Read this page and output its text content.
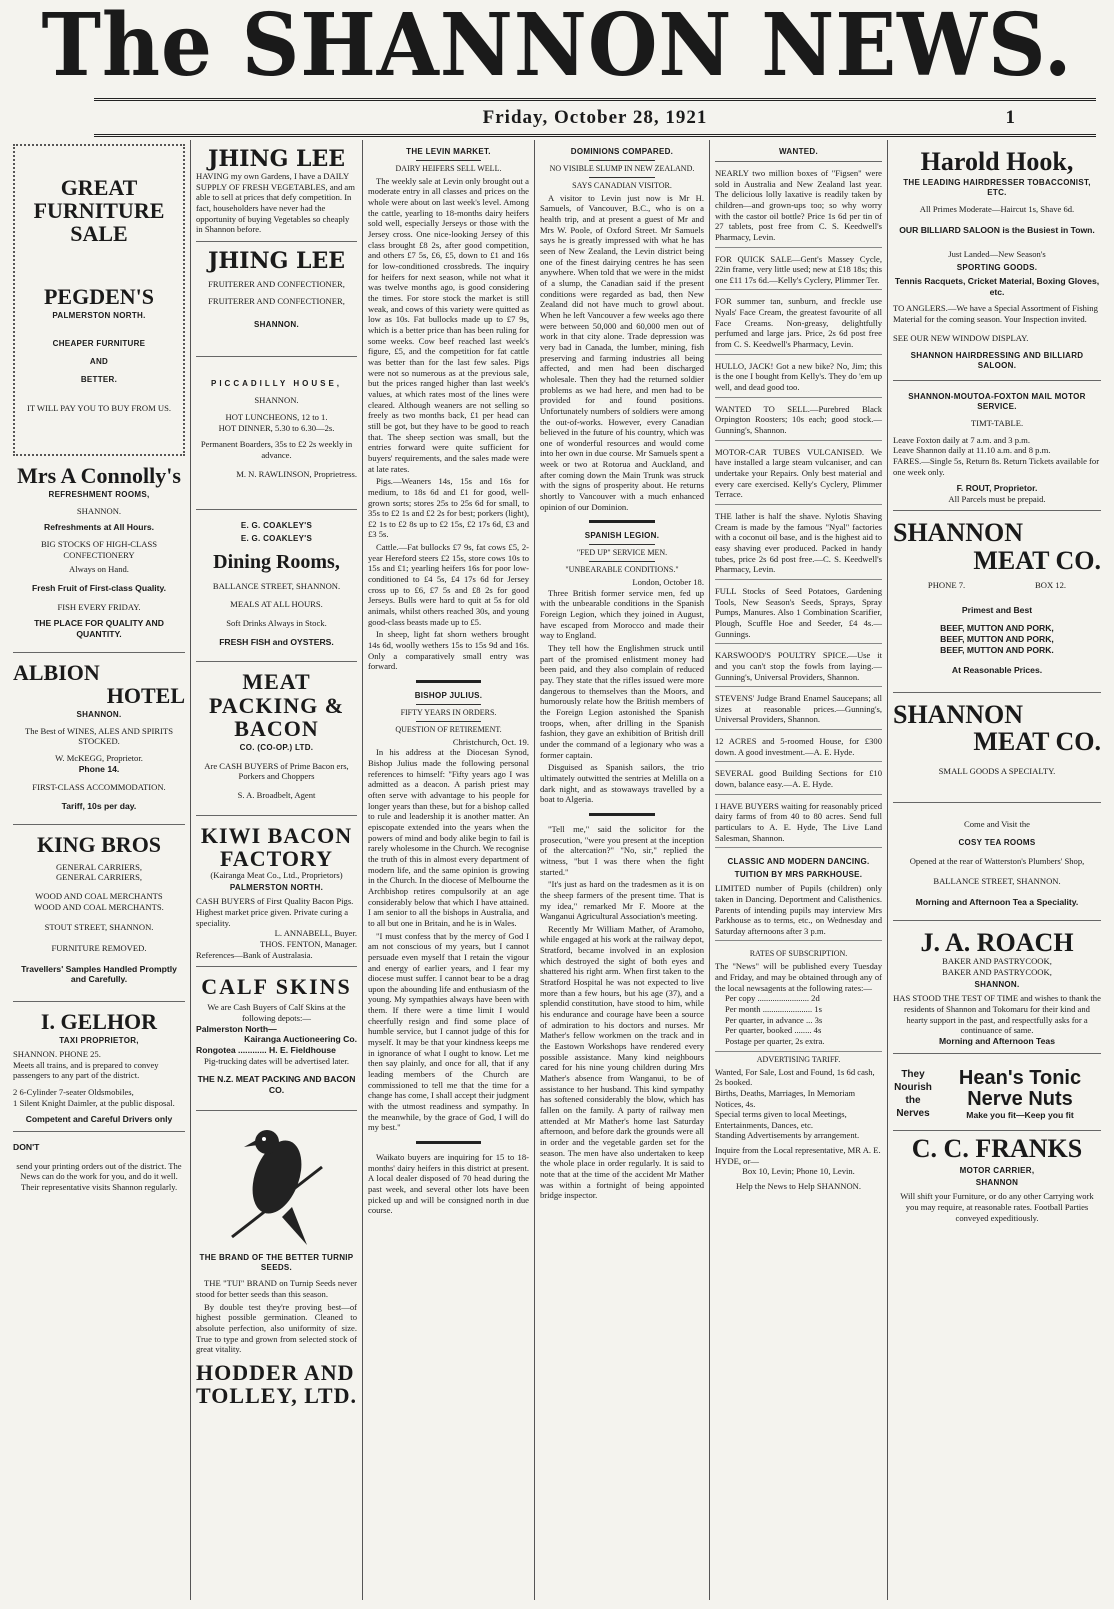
The SHANNON NEWS.
Friday, October 28, 1921	1
GREAT
FURNITURE
SALE
PEGDEN'S
PALMERSTON NORTH.
CHEAPER FURNITURE
AND
BETTER.
IT WILL PAY YOU TO BUY FROM US.
Mrs A Connolly's
REFRESHMENT ROOMS,
SHANNON.
Refreshments at All Hours.
BIG STOCKS OF HIGH-CLASS CONFECTIONERY
Always on Hand.
Fresh Fruit of First-class Quality.
FISH EVERY FRIDAY.
THE PLACE FOR QUALITY AND QUANTITY.
ALBION
HOTEL
SHANNON.
The Best of WINES, ALES AND SPIRITS STOCKED.
W. McKEGG, Proprietor.
Phone 14.
FIRST-CLASS ACCOMMODATION.
Tariff, 10s per day.
KING BROS
GENERAL CARRIERS,
GENERAL CARRIERS,
WOOD AND COAL MERCHANTS
WOOD AND COAL MERCHANTS.
STOUT STREET, SHANNON.
FURNITURE REMOVED.
Travellers' Samples Handled Promptly and Carefully.
I. GELHOR
TAXI PROPRIETOR,
SHANNON. PHONE 25.
Meets all trains, and is prepared to convey passengers to any part of the district.
2 6-Cylinder 7-seater Oldsmobiles,
1 Silent Knight Daimler, at the public disposal.
Competent and Careful Drivers only
DON'T
send your printing orders out of the district. The News can do the work for you, and do it well. Their representative visits Shannon regularly.
JHING LEE
HAVING my own Gardens, I have a DAILY SUPPLY OF FRESH VEGETABLES, and am able to sell at prices that defy competition. In fact, householders have never had the opportunity of buying Vegetables so cheaply in Shannon before.
JHING LEE
FRUITERER AND CONFECTIONER,
FRUITERER AND CONFECTIONER,
SHANNON.
PICCADILLY HOUSE,
SHANNON.
HOT LUNCHEONS, 12 to 1.
HOT DINNER, 5.30 to 6.30—2s.
Permanent Boarders, 35s to £2 2s weekly in advance.
M. N. RAWLINSON, Proprietress.
E. G. COAKLEY'S
E. G. COAKLEY'S
Dining Rooms,
BALLANCE STREET, SHANNON.
MEALS AT ALL HOURS.
Soft Drinks Always in Stock.
FRESH FISH and OYSTERS.
MEAT PACKING & BACON
CO. (CO-OP.) LTD.
Are CASH BUYERS of Prime Bacon ers, Porkers and Choppers
S. A. Broadbelt, Agent
KIWI BACON FACTORY
(Kairanga Meat Co., Ltd., Proprietors)
PALMERSTON NORTH.
CASH BUYERS of First Quality Bacon Pigs. Highest market price given. Private curing a speciality.
L. ANNABELL, Buyer.
THOS. FENTON, Manager.
References—Bank of Australasia.
CALF SKINS
We are Cash Buyers of Calf Skins at the following depots:—
Palmerston North—
Kairanga Auctioneering Co.
Rongotea ............ H. E. Fieldhouse
Pig-trucking dates will be advertised later.
THE N.Z. MEAT PACKING AND BACON CO.
THE BRAND OF THE BETTER TURNIP SEEDS.

THE "TUI" BRAND on Turnip Seeds never stood for better seeds than this season.

By double test they're proving best—of highest possible germination. Cleaned to absolute perfection, also uniformity of size. True to type and grown from selected stock of great vitality.

HODDER AND TOLLEY, LTD.
THE LEVIN MARKET.
DAIRY HEIFERS SELL WELL.

The weekly sale at Levin only brought out a moderate entry in all classes and prices on the whole were about on last week's level. Among the cattle, yearling to 18-months dairy heifers sold well, especially Jerseys or those with the Jersey cross. One nice-looking Jersey of this class brought £8 2s, after good competition, and others £7 5s, £6, £5, down to £1 and 16s for low-conditioned crossbreds. The inquiry for heifers for next season, while not what it was twelve months ago, is good considering the times. For store stock the market is still weak, and cows of this variety were quitted as low as 10s. Fat bullocks made up to £7 9s, which is a better price than has been ruling for some weeks. Cow beef reached last week's figure, £5, and the competition for fat cattle was better than for the last few sales. Pigs were not so numerous as at the previous sale, but the prices ranged higher than last week's values, at which rates most of the lines were cleared. Although weaners are not selling so freely as two months back, £1 per head can still be got, but they have to be good to reach that. The sheep section was small, but the entries forward were quite sufficient for buyers' requirements, and the sales made were at late rates.

Pigs.—Weaners 14s, 15s and 16s for medium, to 18s 6d and £1 for good, well-grown sorts; stores 25s to 25s 6d for small, to 35s to £2 1s and £2 2s for best; porkers (light), £2 1s to £2 8s up to £2 15s, £2 17s 6d, £3 and £3 5s.

Cattle.—Fat bullocks £7 9s, fat cows £5, 2-year Hereford steers £2 15s, store cows 10s to 15s and £1; yearling heifers 16s for poor low-conditioned to £4 5s, £4 17s 6d for Jersey cross up to £6, £7 5s and £8 2s for good Jerseys. Bulls were hard to quit at 5s for old animals, whilst others reached 30s, and young good-class beasts made up to £5.

In sheep, light fat shorn wethers brought 14s 6d, woolly wethers 15s to 15s 9d and 16s. Only a comparatively small entry was forward.

BISHOP JULIUS.
FIFTY YEARS IN ORDERS.
QUESTION OF RETIREMENT.
Christchurch, Oct. 19.

In his address at the Diocesan Synod, Bishop Julius made the following personal references to himself: "Fifty years ago I was admitted as a deacon. A parish priest may often serve with advantage to his people for longer years than these, but for a bishop called to rule and leadership it is another matter. An episcopate extended into the years when the powers of mind and body alike begin to fail is rarely wholesome in the Church. We recognise the truth of this in almost every department of modern life, and the same opinion is growing in the Church. In the diocese of Melbourne the Archbishop retires compulsorily at an age considerably below that which I have attained. I am senior to all the bishops in Australia, and to all but one in Britain, and he is in Wales.

"I must confess that by the mercy of God I am not conscious of my years, but I cannot persuade even myself that I retain the vigour and energy of earlier years, and I fear my diocese must suffer. I cannot bear to be a drag upon the abounding life and enthusiasm of the young. My sympathies always have been with them. If there were a time limit I would cheerfully resign and find some place of humble service, but I cannot judge of this for myself. It may be that your kindness keeps me in ignorance of what I ought to know. Let me then say plainly, and once for all, that if any leading members of the Church are commissioned to tell me that the time for a change has come, I shall accept their judgment with the utmost readiness and sympathy. In the meanwhile, by the grace of God, I will do my best."

Waikato buyers are inquiring for 15 to 18-months' dairy heifers in this district at present. A local dealer disposed of 70 head during the past week, and several other lots have been picked up and will be consigned north in due course.

DOMINIONS COMPARED.
NO VISIBLE SLUMP IN NEW ZEALAND.
SAYS CANADIAN VISITOR.

A visitor to Levin just now is Mr H. Samuels, of Vancouver, B.C., who is on a health trip, and at present a guest of Mr and Mrs W. Poole, of Oxford Street. Mr Samuels says he is greatly impressed with what he has seen of New Zealand, the Levin district being one of the finest dairying centres he has seen anywhere. When told that we were in the midst of a slump, the Canadian said if the present conditions were regarded as bad, then New Zealand did not have much to growl about. When he left Vancouver a few weeks ago there were between 50,000 and 60,000 men out of work in that city alone. Trade depression was very bad in Canada, the lumber, mining, fish preserving and farming industries all being affected, and men had been discharged wholesale. Then they had the returned soldier problems as we had here, and men had to be provided for and found positions. Unfortunately numbers of soldiers were among the out-of-works. However, every Canadian believed in the future of his country, which was one of wonderful resources and would come into her own in due course. Mr Samuels spent a week or two at Rotorua and Auckland, and after coming down the Main Trunk was struck with the signs of prosperity about. He returns shortly to Vancouver with a much enhanced opinion of our Dominion.

SPANISH LEGION.
"FED UP" SERVICE MEN.
"UNBEARABLE CONDITIONS."
London, October 18.

Three British former service men, fed up with the unbearable conditions in the Spanish Foreign Legion, which they joined in August, have escaped from Morocco and made their way to England.

They tell how the Englishmen struck until part of the promised enlistment money had been paid, and they also complain of reduced pay. They state that the rifles issued were more dangerous to themselves than the Moors, and humorously relate how the British members of the Foreign Legion astonished the Spanish troops, when, after drilling in the Spanish fashion, they gave an exhibition of British drill under the command of a legionary who was a former captain.

Disguised as Spanish sailors, the trio ultimately outwitted the sentries at Melilla on a dark night, and as stowaways travelled by a boat to Algeria.

"Tell me," said the solicitor for the prosecution, "were you present at the inception of the altercation?" "No, sir," replied the witness, "but I was there when the fight started."

"It's just as hard on the tradesmen as it is on the sheep farmers of the present time. That is my idea," remarked Mr F. Moore at the Wanganui Agricultural Association's meeting.

Recently Mr William Mather, of Aramoho, while engaged at his work at the railway depot, Stratford, became involved in an explosion which destroyed the sight of both eyes and shattered his right arm. When first taken to the Stratford Hospital he was not expected to live more than a few hours, but his age (37), and a splendid constitution, have stood to him, while his endurance and courage have been a source of admiration to his doctors and nurses. Mr Mather's fellow workmen on the track and in the Eastown Workshops have rendered every possible assistance. Many kind neighbours cared for his nine young children during Mrs Mather's absence from Wanganui, to be of assistance to her husband. This kind sympathy has softened considerably the blow, which has fallen on the family. A party of railway men attended at Mr Mather's home last Saturday afternoon, and before dark the grounds were all in order and the vegetable garden set for the season. The men have also undertaken to keep the whole place in order regularly. It is said to note that at the time of the accident Mr Mather was within a fortnight of being appointed bridge inspector.

WANTED.
NEARLY two million boxes of "Figsen" were sold in Australia and New Zealand last year. The delicious lolly laxative is readily taken by children—and grown-ups too; so why worry with the castor oil bottle? Price 1s 6d per tin of 27 tablets, post free from C. S. Keedwell's Pharmacy, Levin.
FOR QUICK SALE—Gent's Massey Cycle, 22in frame, very little used; new at £18 18s; this one £11 17s 6d.—Kelly's Cyclery, Plimmer Ter.
FOR summer tan, sunburn, and freckle use Nyals' Face Cream, the greatest favourite of all Face Creams. Non-greasy, delightfully perfumed and large jars. Price, 2s 6d post free from C. S. Keedwell's Pharmacy, Levin.
HULLO, JACK! Got a new bike? No, Jim; this is the one I bought from Kelly's. They do 'em up well, and dead good too.
WANTED TO SELL.—Purebred Black Orpington Roosters; 10s each; good stock.—Gunning's, Shannon.
MOTOR-CAR TUBES VULCANISED. We have installed a large steam vulcaniser, and can undertake your Repairs. Only best material and every care exercised. Kelly's Cyclery, Plimmer Terrace.
THE lather is half the shave. Nylotis Shaving Cream is made by the famous "Nyal" factories with a coconut oil base, and is the highest aid to easy shaving ever produced. Packed in handy tubes, price 2s 6d post free.—C. S. Keedwell's Pharmacy, Levin.
FULL Stocks of Seed Potatoes, Gardening Tools, New Season's Seeds, Sprays, Spray Pumps, Manures. Also 1 Combination Scarifier, Plough, Scuffle Hoe and Seeder, £4 4s.—Gunnings.
KARSWOOD'S POULTRY SPICE.—Use it and you can't stop the fowls from laying.—Gunning's, Universal Providers, Shannon.
STEVENS' Judge Brand Enamel Saucepans; all sizes at reasonable prices.—Gunning's, Universal Providers, Shannon.
12 ACRES and 5-roomed House, for £300 down. A good investment.—A. E. Hyde.
SEVERAL good Building Sections for £10 down, balance easy.—A. E. Hyde.
I HAVE BUYERS waiting for reasonably priced dairy farms of from 40 to 80 acres. Send full particulars to A. E. Hyde, The Live Land Salesman, Shannon.
CLASSIC AND MODERN DANCING.
TUITION BY MRS PARKHOUSE.
LIMITED number of Pupils (children) only taken in Dancing. Deportment and Calisthenics. Parents of intending pupils may interview Mrs Parkhouse as to terms, etc., on Wednesday and Saturday afternoons after 3 p.m.
RATES OF SUBSCRIPTION.
The "News" will be published every Tuesday and Friday, and may be obtained through any of the local newsagents at the following rates:—
Per copy ........................ 2d
Per month ....................... 1s
Per quarter, in advance ... 3s
Per quarter, booked ........ 4s
Postage per quarter, 2s extra.
ADVERTISING TARIFF.
Wanted, For Sale, Lost and Found, 1s 6d cash, 2s booked.
Births, Deaths, Marriages, In Memoriam Notices, 4s.
Special terms given to local Meetings, Entertainments, Dances, etc.
Standing Advertisements by arrangement.
Inquire from the Local representative, MR A. E. HYDE, or—
Box 10, Levin; Phone 10, Levin.
Help the News to Help SHANNON.
Harold Hook,
THE LEADING HAIRDRESSER TOBACCONIST, ETC.
All Primes Moderate—Haircut 1s, Shave 6d.
OUR BILLIARD SALOON is the Busiest in Town.
Just Landed—New Season's
SPORTING GOODS.
Tennis Racquets, Cricket Material, Boxing Gloves, etc.
TO ANGLERS.—We have a Special Assortment of Fishing Material for the coming season. Your Inspection invited.
SEE OUR NEW WINDOW DISPLAY.
SHANNON HAIRDRESSING AND BILLIARD SALOON.
SHANNON-MOUTOA-FOXTON MAIL MOTOR SERVICE.
TIMT-TABLE.
Leave Foxton daily at 7 a.m. and 3 p.m.
Leave Shannon daily at 11.10 a.m. and 8 p.m.
FARES.—Single 5s, Return 8s. Return Tickets available for one week only.
F. ROUT, Proprietor.
All Parcels must be prepaid.
SHANNON
MEAT CO.
PHONE 7.	BOX 12.
Primest and Best
BEEF, MUTTON AND PORK,
BEEF, MUTTON AND PORK,
BEEF, MUTTON AND PORK.
At Reasonable Prices.
SHANNON
MEAT CO.
SMALL GOODS A SPECIALTY.
Come and Visit the
COSY TEA ROOMS
Opened at the rear of Watterston's Plumbers' Shop,
BALLANCE STREET, SHANNON.
Morning and Afternoon Tea a Speciality.
J. A. ROACH
BAKER AND PASTRYCOOK,
BAKER AND PASTRYCOOK,
SHANNON.
HAS STOOD THE TEST OF TIME and wishes to thank the residents of Shannon and Tokomaru for their kind and hearty support in the past, and respectfully asks for a continuance of same.
Morning and Afternoon Teas
They Nourish the Nerves
Hean's Tonic Nerve Nuts
Make you fit—Keep you fit
C. C. FRANKS
MOTOR CARRIER,
SHANNON
Will shift your Furniture, or do any other Carrying work you may require, at reasonable rates. Football Parties conveyed expeditiously.
